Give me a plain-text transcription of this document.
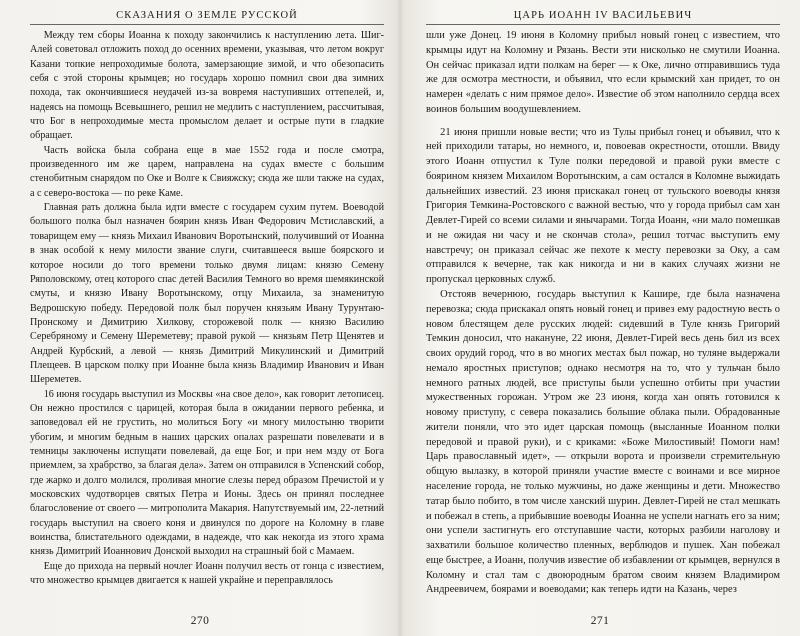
СКАЗАНИЯ О ЗЕМЛЕ РУССКОЙ

Между тем сборы Иоанна к походу закончились к наступлению лета. Шиг-Алей советовал отложить поход до осенних времени, указывая, что летом вокруг Казани топкие непроходимые болота, замерзающие зимой, и что обезопасить себя с этой стороны крымцев; но государь хорошо помнил свои два зимних похода, так окончившиеся неудачей из-за вовремя наступивших оттепелей, и, надеясь на помощь Всевышнего, решил не медлить с наступлением, рассчитывая, что Бог в непроходимые места промыслом делает и острые пути в гладкие обращает.

Часть войска была собрана еще в мае 1552 года и после смотра, произведенного им же царем, направлена на судах вместе с большим стенобитным снарядом по Оке и Волге к Свияжску; сюда же шли также на судах, а с северо-востока — по реке Каме.

Главная рать должна была идти вместе с государем сухим путем. Воеводой большого полка был назначен боярин князь Иван Федорович Мстиславский, а товарищем ему — князь Михаил Иванович Воротынский, получивший от Иоанна в знак особой к нему милости звание слуги, считавшееся выше боярского и которое носили до того времени только двумя лицам: князю Семену Ряполовскому, отец которого спас детей Василия Темного во время шемякинской смуты, и князю Ивану Воротынскому, отцу Михаила, за знаменитую Ведрошскую победу. Передовой полк был поручен князьям Ивану Турунтаю-Пронскому и Димитрию Хилкову, сторожевой полк — князю Василию Серебряному и Семену Шереметеву; правой рукой — князьям Петр Щенятев и Андрей Курбский, а левой — князь Димитрий Микулинский и Димитрий Плещеев. В царском полку при Иоанне была князь Владимир Иванович и Иван Шереметев.

16 июня государь выступил из Москвы «на свое дело», как говорит летописец. Он нежно простился с царицей, которая была в ожидании первого ребенка, и заповедовал ей не грустить, но молиться Богу «и многу милостыню творити убогим, и многим бедным в наших царских опалах разрешати повелевати и в темницы заключены испущати повелевай, да еще Бог, и при нем мзду от Бога приемлем, за храбрство, за благая дела». Затем он отправился в Успенский собор, где жарко и долго молился, проливая многие слезы перед образом Пречистой и у московских чудотворцев святых Петра и Ионы. Здесь он принял последнее благословение от своего — митрополита Макария. Напутствуемый им, 22-летний государь выступил на своего коня и двинулся по дороге на Коломну в главе воинства, блистательного одеждами, в надежде, что как некогда из этого храма князь Димитрий Иоаннович Донской выходил на страшный бой с Мамаем.

Еще до прихода на первый ночлег Иоанн получил весть от гонца с известием, что множество крымцев двигается к нашей украйне и переправлялось

270
ЦАРЬ ИОАНН IV ВАСИЛЬЕВИЧ

шли уже Донец. 19 июня в Коломну прибыл новый гонец с известием, что крымцы идут на Коломну и Рязань. Вести эти нисколько не смутили Иоанна. Он сейчас приказал идти полкам на берег — к Оке, лично отправившись туда же для осмотра местности, и объявил, что если крымский хан придет, то он намерен «делать с ним прямое дело». Известие об этом наполнило сердца всех воинов большим воодушевлением.

21 июня пришли новые вести; что из Тулы прибыл гонец и объявил, что к ней приходили татары, но немного, и, повоевав окрестности, отошли. Ввиду этого Иоанн отпустил к Туле полки передовой и правой руки вместе с боярином князем Михаилом Воротынским, а сам остался в Коломне выжидать дальнейших известий. 23 июня прискакал гонец от тульского воеводы князя Григория Темкина-Ростовского с важной вестью, что у города прибыл сам хан Девлет-Гирей со всеми силами и янычарами. Тогда Иоанн, «ни мало помешкав и не ожидая ни часу и не скончав стола», решил тотчас выступить ему навстречу; он приказал сейчас же пехоте к месту перевозки за Оку, а сам отправился к вечерне, так как никогда и ни в каких случаях жизни не пропускал церковных служб.

Отстояв вечернюю, государь выступил к Кашире, где была назначена перевозка; сюда прискакал опять новый гонец и привез ему радостную весть о новом блестящем деле русских людей: сидевший в Туле князь Григорий Темкин доносил, что накануне, 22 июня, Девлет-Гирей весь день бил из всех своих орудий город, что в во многих местах был пожар, но туляне выдержали немало яростных приступов; однако несмотря на то, что у тульчан было немного ратных людей, все приступы были успешно отбиты при участии мужественных горожан. Утром же 23 июня, когда хан опять готовился к новому приступу, с севера показались большие облака пыли. Обрадованные жители поняли, что это идет царская помощь (высланные Иоанном полки передовой и правой руки), и с криками: «Боже Милостивый! Помоги нам! Царь православный идет», — открыли ворота и произвели стремительную общую вылазку, в которой приняли участие вместе с воинами и все мирное население города, не только мужчины, но даже женщины и дети. Множество татар было побито, в том числе ханский шурин. Девлет-Гирей не стал мешкать и побежал в степь, а прибывшие воеводы Иоанна не успели нагнать его за ним; они успели застигнуть его отступавшие части, которых разбили наголову и захватили большое количество пленных, верблюдов и пушек. Хан побежал еще быстрее, а Иоанн, получив известие об избавлении от крымцев, вернулся в Коломну и стал там с двоюродным братом своим князем Владимиром Андреевичем, боярами и воеводами; как теперь идти на Казань, через

271
